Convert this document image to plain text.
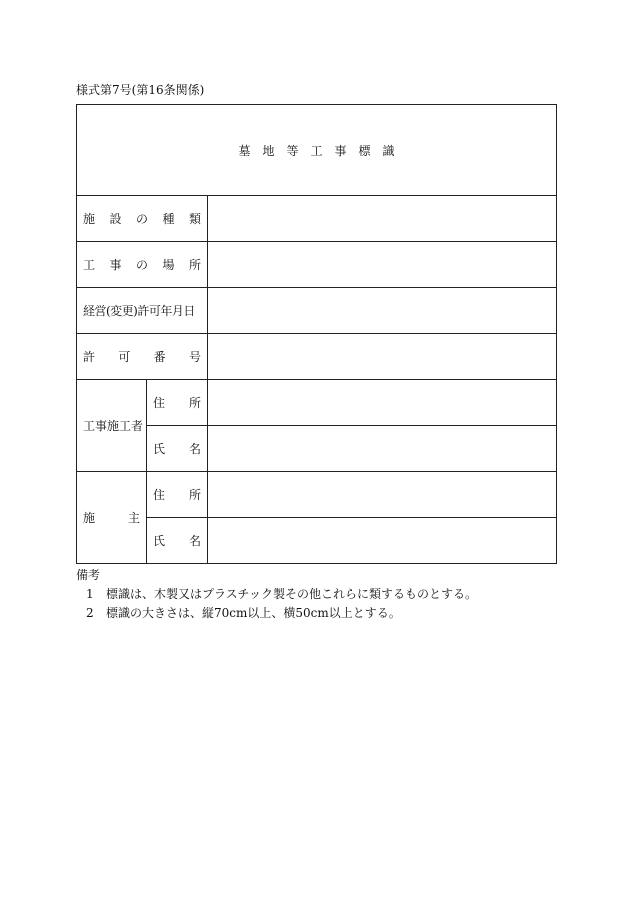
様式第7号(第16条関係)
墓地等工事標識		

施 設 の 種 類		

工 事 の 場 所		

経営(変更)許可年月日		

許 可 番 号		

工事施工者	住 所	

	氏 名	

施 主	住 所	

	氏 名	

備考
1 標識は、木製又はプラスチック製その他これらに類するものとする。
2 標識の大きさは、縦70cm以上、横50cm以上とする。
